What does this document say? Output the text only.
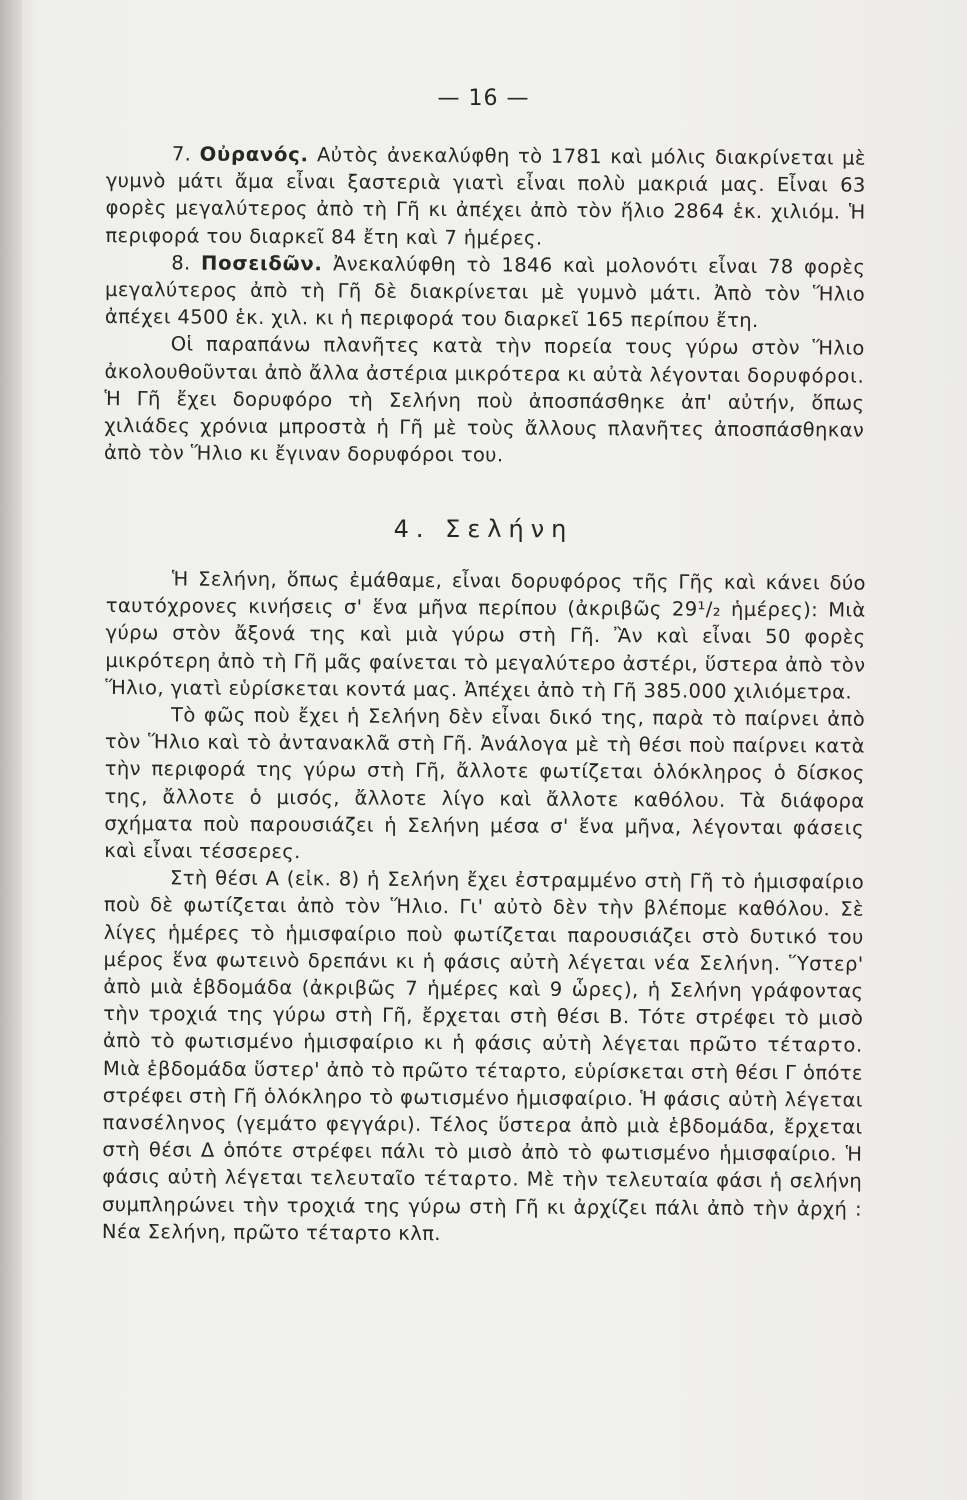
— 16 —

7. Οὐρανός. Αὐτὸς ἀνεκαλύφθη τὸ 1781 καὶ μόλις διακρίνεται μὲ γυμνὸ μάτι ἄμα εἶναι ξαστεριὰ γιατὶ εἶναι πολὺ μακριά μας. Εἶναι 63 φορὲς μεγαλύτερος ἀπὸ τὴ Γῆ κι ἀπέχει ἀπὸ τὸν ἥλιο 2864 ἑκ. χιλιόμ. Ἡ περιφορά του διαρκεῖ 84 ἔτη καὶ 7 ἡμέρες.

8. Ποσειδῶν. Ἀνεκαλύφθη τὸ 1846 καὶ μολονότι εἶναι 78 φορὲς μεγαλύτερος ἀπὸ τὴ Γῆ δὲ διακρίνεται μὲ γυμνὸ μάτι. Ἀπὸ τὸν Ἥλιο ἀπέχει 4500 ἑκ. χιλ. κι ἡ περιφορά του διαρκεῖ 165 περίπου ἔτη.

Οἱ παραπάνω πλανῆτες κατὰ τὴν πορεία τους γύρω στὸν Ἥλιο ἀκολουθοῦνται ἀπὸ ἄλλα ἀστέρια μικρότερα κι αὐτὰ λέγονται δορυφόροι. Ἡ Γῆ ἔχει δορυφόρο τὴ Σελήνη ποὺ ἀποσπάσθηκε ἀπ' αὐτήν, ὅπως χιλιάδες χρόνια μπροστὰ ἡ Γῆ μὲ τοὺς ἄλλους πλανῆτες ἀποσπάσθηκαν ἀπὸ τὸν Ἥλιο κι ἔγιναν δορυφόροι του.

4. Σελήνη

Ἡ Σελήνη, ὅπως ἐμάθαμε, εἶναι δορυφόρος τῆς Γῆς καὶ κάνει δύο ταυτόχρονες κινήσεις σ' ἕνα μῆνα περίπου (ἀκριβῶς 29¹/₂ ἡμέρες): Μιὰ γύρω στὸν ἄξονά της καὶ μιὰ γύρω στὴ Γῆ. Ἂν καὶ εἶναι 50 φορὲς μικρότερη ἀπὸ τὴ Γῆ μᾶς φαίνεται τὸ μεγαλύτερο ἀστέρι, ὕστερα ἀπὸ τὸν Ἥλιο, γιατὶ εὑρίσκεται κοντά μας. Ἀπέχει ἀπὸ τὴ Γῆ 385.000 χιλιόμετρα.

Τὸ φῶς ποὺ ἔχει ἡ Σελήνη δὲν εἶναι δικό της, παρὰ τὸ παίρνει ἀπὸ τὸν Ἥλιο καὶ τὸ ἀντανακλᾶ στὴ Γῆ. Ἀνάλογα μὲ τὴ θέσι ποὺ παίρνει κατὰ τὴν περιφορά της γύρω στὴ Γῆ, ἄλλοτε φωτίζεται ὁλόκληρος ὁ δίσκος της, ἄλλοτε ὁ μισός, ἄλλοτε λίγο καὶ ἄλλοτε καθόλου. Τὰ διάφορα σχήματα ποὺ παρουσιάζει ἡ Σελήνη μέσα σ' ἕνα μῆνα, λέγονται φάσεις καὶ εἶναι τέσσερες.

Στὴ θέσι Α (εἰκ. 8) ἡ Σελήνη ἔχει ἐστραμμένο στὴ Γῆ τὸ ἡμισφαίριο ποὺ δὲ φωτίζεται ἀπὸ τὸν Ἥλιο. Γι' αὐτὸ δὲν τὴν βλέπομε καθόλου. Σὲ λίγες ἡμέρες τὸ ἡμισφαίριο ποὺ φωτίζεται παρουσιάζει στὸ δυτικό του μέρος ἕνα φωτεινὸ δρεπάνι κι ἡ φάσις αὐτὴ λέγεται νέα Σελήνη. Ὕστερ' ἀπὸ μιὰ ἑβδομάδα (ἀκριβῶς 7 ἡμέρες καὶ 9 ὧρες), ἡ Σελήνη γράφοντας τὴν τροχιά της γύρω στὴ Γῆ, ἔρχεται στὴ θέσι Β. Τότε στρέφει τὸ μισὸ ἀπὸ τὸ φωτισμένο ἡμισφαίριο κι ἡ φάσις αὐτὴ λέγεται πρῶτο τέταρτο. Μιὰ ἑβδομάδα ὕστερ' ἀπὸ τὸ πρῶτο τέταρτο, εὑρίσκεται στὴ θέσι Γ ὁπότε στρέφει στὴ Γῆ ὁλόκληρο τὸ φωτισμένο ἡμισφαίριο. Ἡ φάσις αὐτὴ λέγεται πανσέληνος (γεμάτο φεγγάρι). Τέλος ὕστερα ἀπὸ μιὰ ἑβδομάδα, ἔρχεται στὴ θέσι Δ ὁπότε στρέφει πάλι τὸ μισὸ ἀπὸ τὸ φωτισμένο ἡμισφαίριο. Ἡ φάσις αὐτὴ λέγεται τελευταῖο τέταρτο. Μὲ τὴν τελευταία φάσι ἡ σελήνη συμπληρώνει τὴν τροχιά της γύρω στὴ Γῆ κι ἀρχίζει πάλι ἀπὸ τὴν ἀρχή : Νέα Σελήνη, πρῶτο τέταρτο κλπ.
